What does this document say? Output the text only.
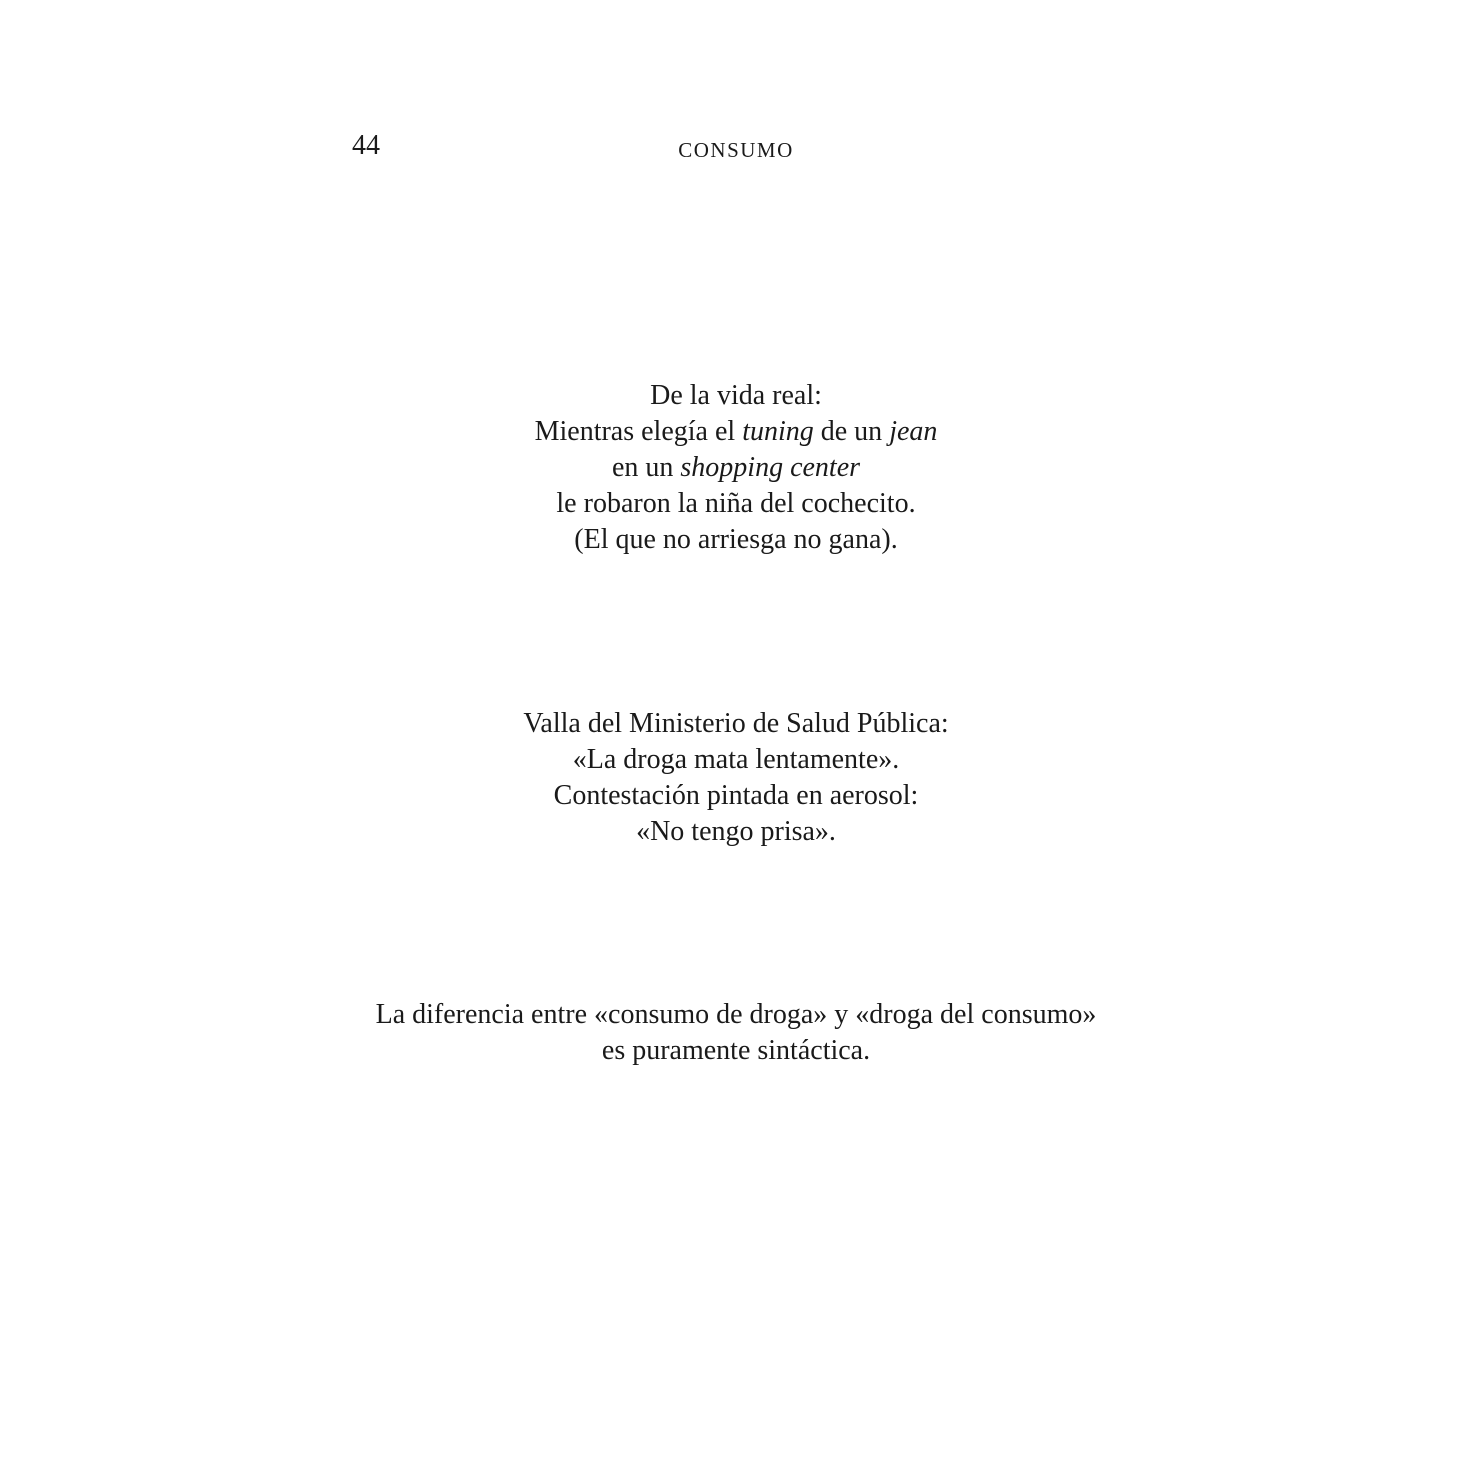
44	CONSUMO
De la vida real:
Mientras elegía el tuning de un jean
en un shopping center
le robaron la niña del cochecito.
(El que no arriesga no gana).
Valla del Ministerio de Salud Pública:
«La droga mata lentamente».
Contestación pintada en aerosol:
«No tengo prisa».
La diferencia entre «consumo de droga» y «droga del consumo»
es puramente sintáctica.
